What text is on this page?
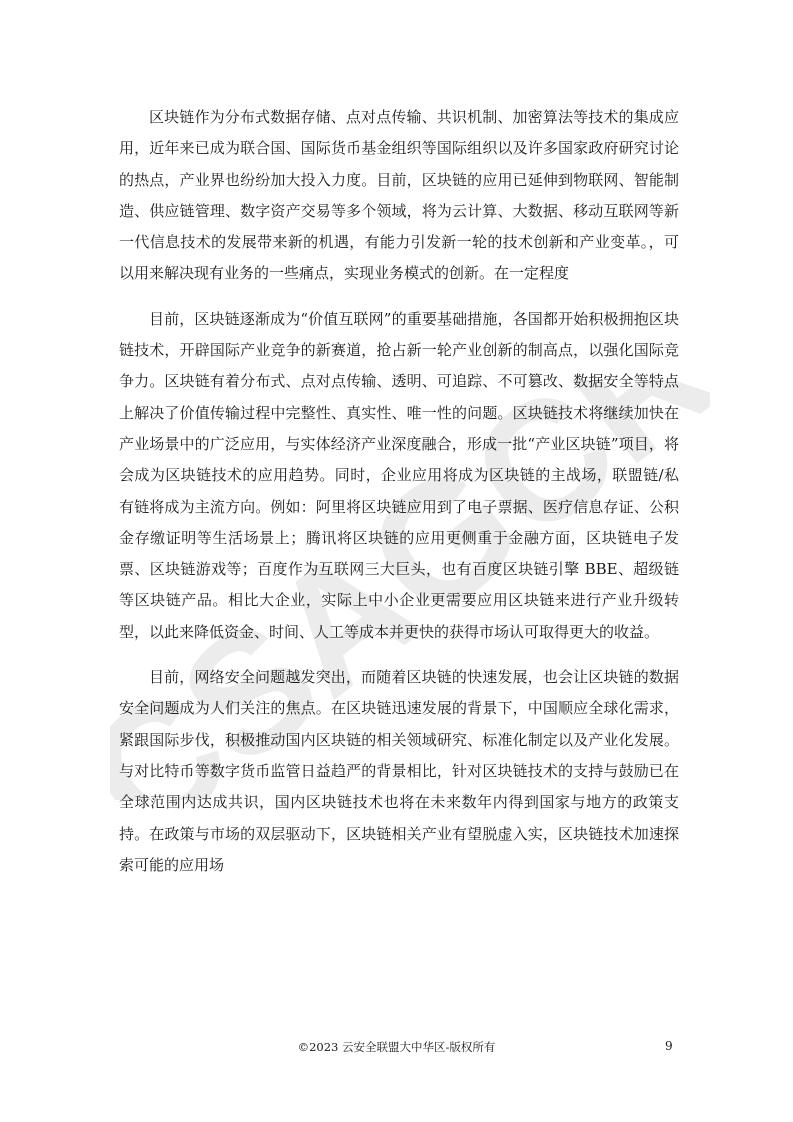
CSAGCR

区块链作为分布式数据存储、点对点传输、共识机制、加密算法等技术的集成应用，近年来已成为联合国、国际货币基金组织等国际组织以及许多国家政府研究讨论的热点，产业界也纷纷加大投入力度。目前，区块链的应用已延伸到物联网、智能制造、供应链管理、数字资产交易等多个领域，将为云计算、大数据、移动互联网等新一代信息技术的发展带来新的机遇，有能力引发新一轮的技术创新和产业变革。，可以用来解决现有业务的一些痛点，实现业务模式的创新。在一定程度

目前，区块链逐渐成为“价值互联网”的重要基础措施，各国都开始积极拥抱区块链技术，开辟国际产业竞争的新赛道，抢占新一轮产业创新的制高点，以强化国际竞争力。区块链有着分布式、点对点传输、透明、可追踪、不可篡改、数据安全等特点上解决了价值传输过程中完整性、真实性、唯一性的问题。区块链技术将继续加快在产业场景中的广泛应用，与实体经济产业深度融合，形成一批“产业区块链”项目，将会成为区块链技术的应用趋势。同时，企业应用将成为区块链的主战场，联盟链/私有链将成为主流方向。例如：阿里将区块链应用到了电子票据、医疗信息存证、公积金存缴证明等生活场景上；腾讯将区块链的应用更侧重于金融方面，区块链电子发票、区块链游戏等；百度作为互联网三大巨头，也有百度区块链引擎 BBE、超级链等区块链产品。相比大企业，实际上中小企业更需要应用区块链来进行产业升级转型，以此来降低资金、时间、人工等成本并更快的获得市场认可取得更大的收益。

目前，网络安全问题越发突出，而随着区块链的快速发展，也会让区块链的数据安全问题成为人们关注的焦点。在区块链迅速发展的背景下，中国顺应全球化需求，紧跟国际步伐，积极推动国内区块链的相关领域研究、标准化制定以及产业化发展。与对比特币等数字货币监管日益趋严的背景相比，针对区块链技术的支持与鼓励已在全球范围内达成共识，国内区块链技术也将在未来数年内得到国家与地方的政策支持。在政策与市场的双层驱动下，区块链相关产业有望脱虚入实，区块链技术加速探索可能的应用场

©2023 云安全联盟大中华区-版权所有	9
